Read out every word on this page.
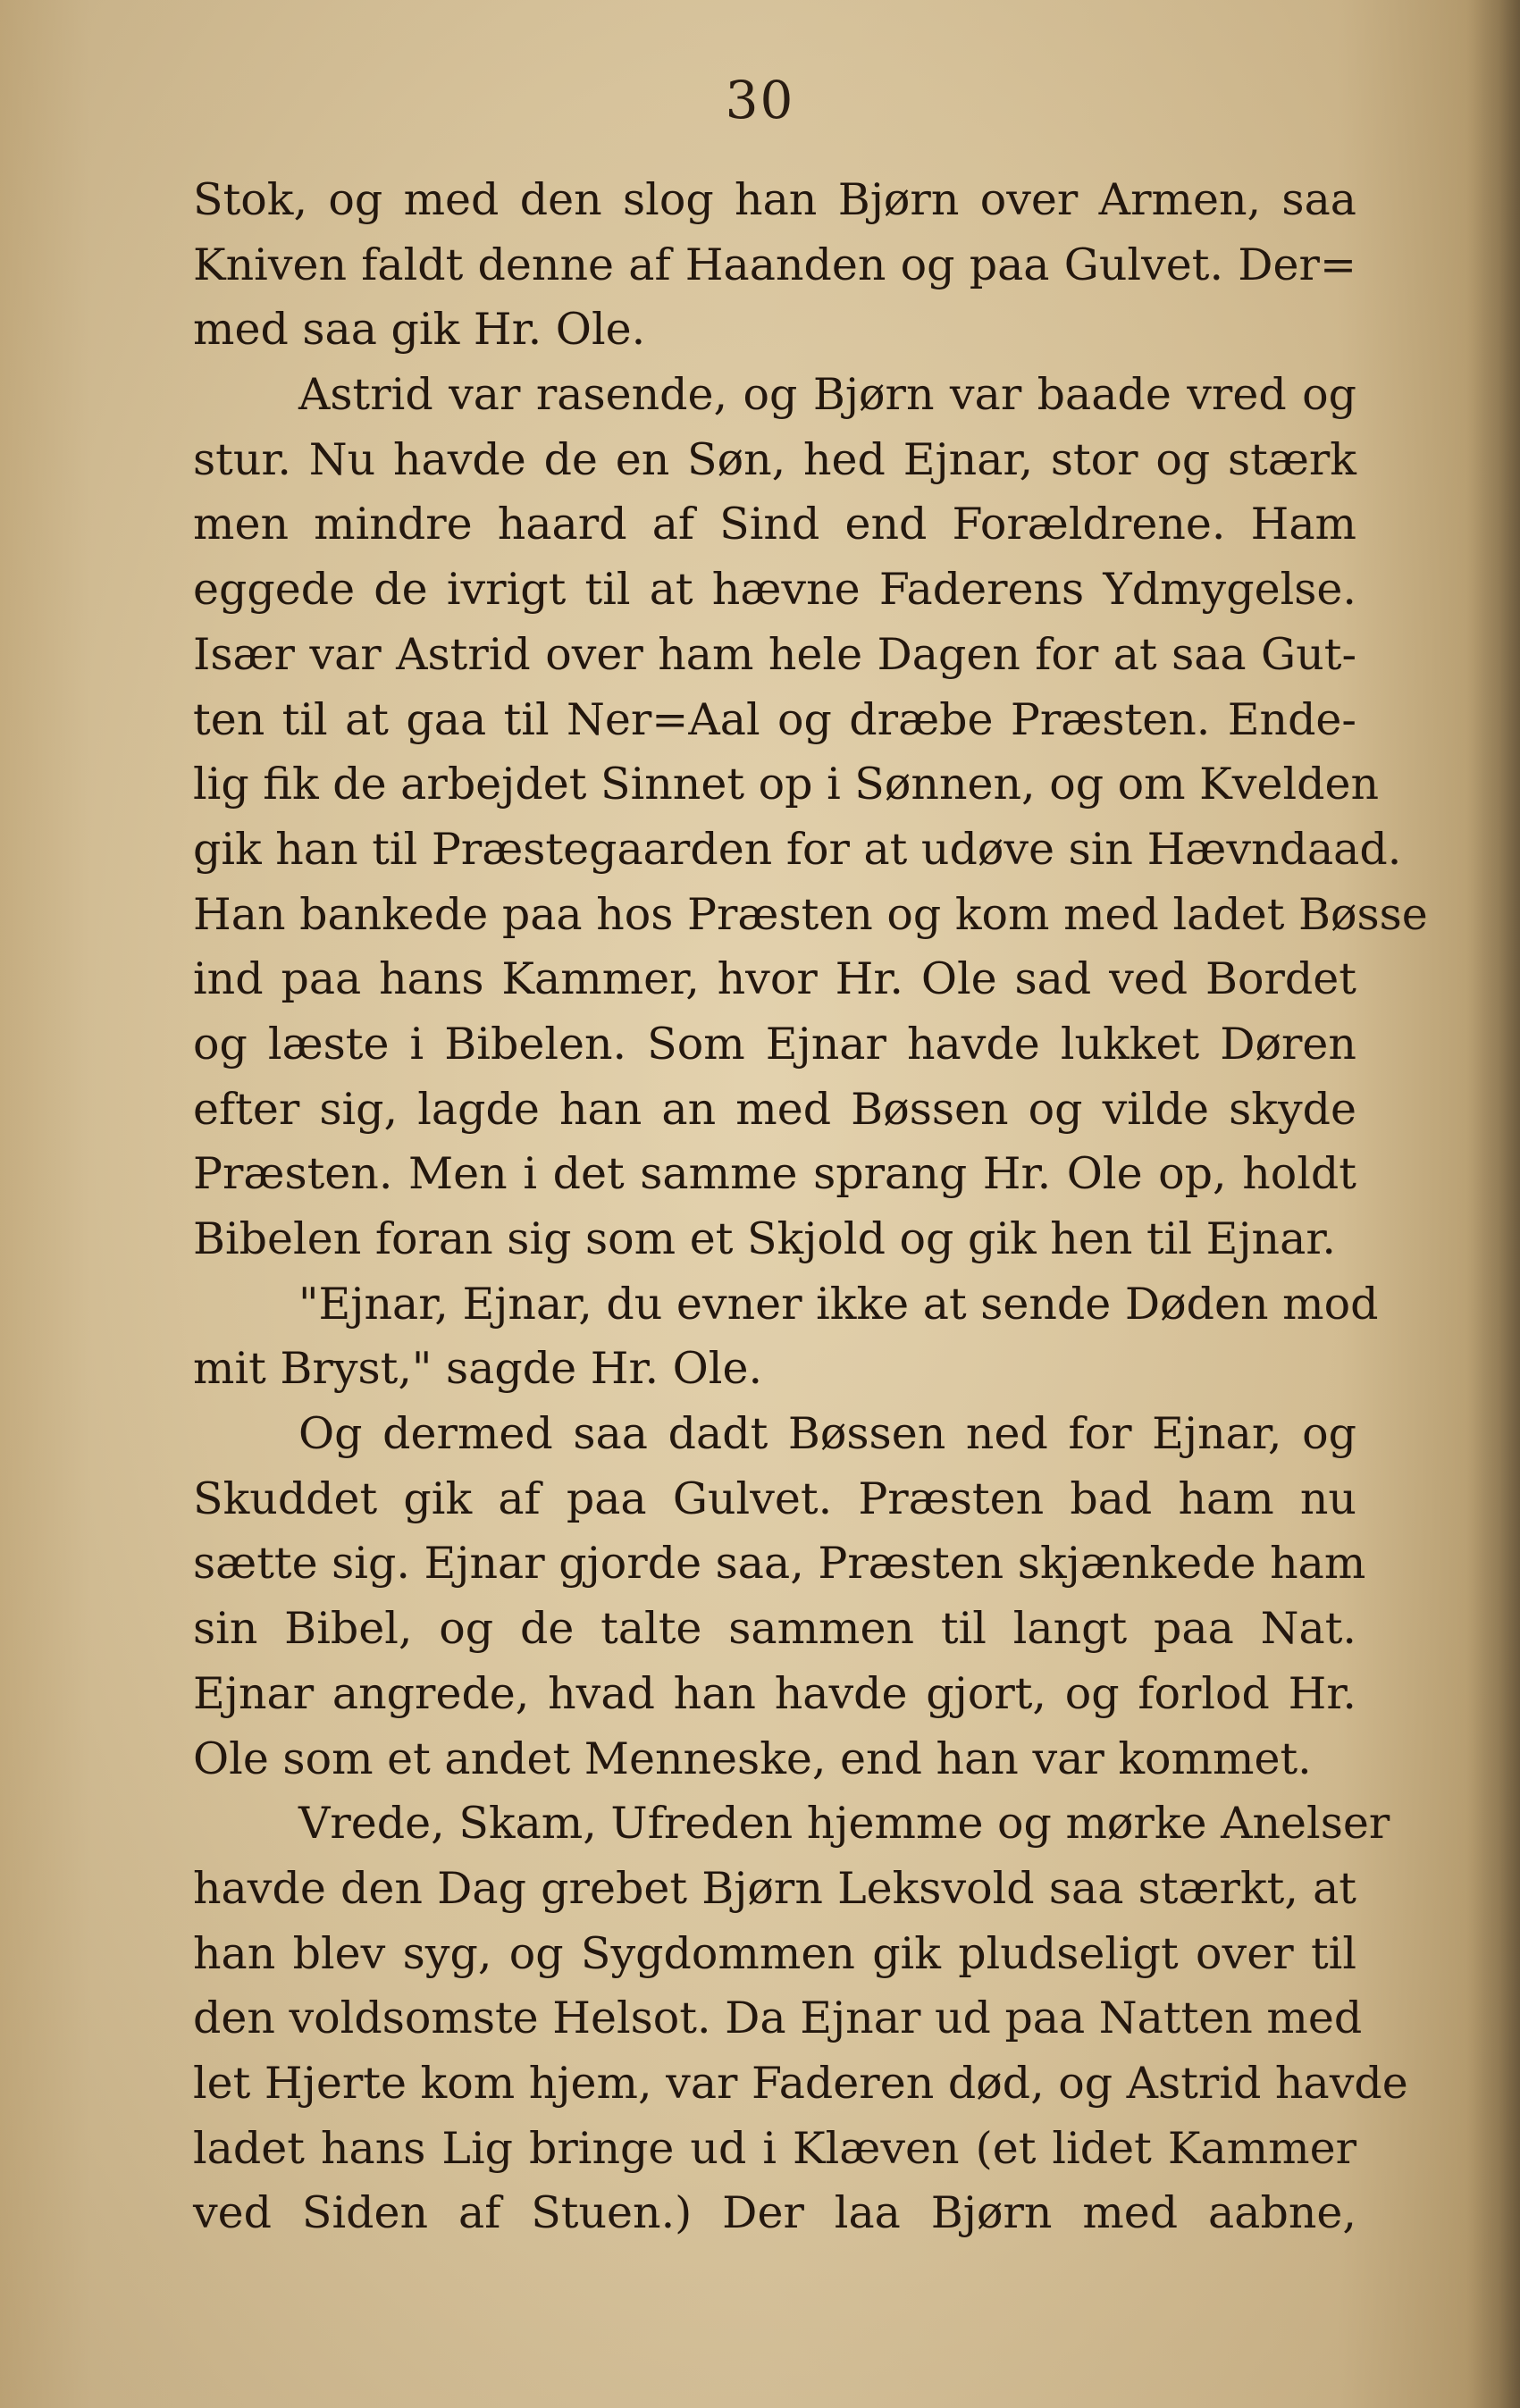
30
Stok, og med den slog han Bjørn over Armen, saa
Kniven faldt denne af Haanden og paa Gulvet. Der=
med saa gik Hr. Ole.
Astrid var rasende, og Bjørn var baade vred og
stur. Nu havde de en Søn, hed Ejnar, stor og stærk
men mindre haard af Sind end Forældrene. Ham
eggede de ivrigt til at hævne Faderens Ydmygelse.
Især var Astrid over ham hele Dagen for at saa Gut-
ten til at gaa til Ner=Aal og dræbe Præsten. Ende-
lig fik de arbejdet Sinnet op i Sønnen, og om Kvelden
gik han til Præstegaarden for at udøve sin Hævndaad.
Han bankede paa hos Præsten og kom med ladet Bøsse
ind paa hans Kammer, hvor Hr. Ole sad ved Bordet
og læste i Bibelen. Som Ejnar havde lukket Døren
efter sig, lagde han an med Bøssen og vilde skyde
Præsten. Men i det samme sprang Hr. Ole op, holdt
Bibelen foran sig som et Skjold og gik hen til Ejnar.
"Ejnar, Ejnar, du evner ikke at sende Døden mod
mit Bryst," sagde Hr. Ole.
Og dermed saa dadt Bøssen ned for Ejnar, og
Skuddet gik af paa Gulvet. Præsten bad ham nu
sætte sig. Ejnar gjorde saa, Præsten skjænkede ham
sin Bibel, og de talte sammen til langt paa Nat.
Ejnar angrede, hvad han havde gjort, og forlod Hr.
Ole som et andet Menneske, end han var kommet.
Vrede, Skam, Ufreden hjemme og mørke Anelser
havde den Dag grebet Bjørn Leksvold saa stærkt, at
han blev syg, og Sygdommen gik pludseligt over til
den voldsomste Helsot. Da Ejnar ud paa Natten med
let Hjerte kom hjem, var Faderen død, og Astrid havde
ladet hans Lig bringe ud i Klæven (et lidet Kammer
ved Siden af Stuen.) Der laa Bjørn med aabne,
